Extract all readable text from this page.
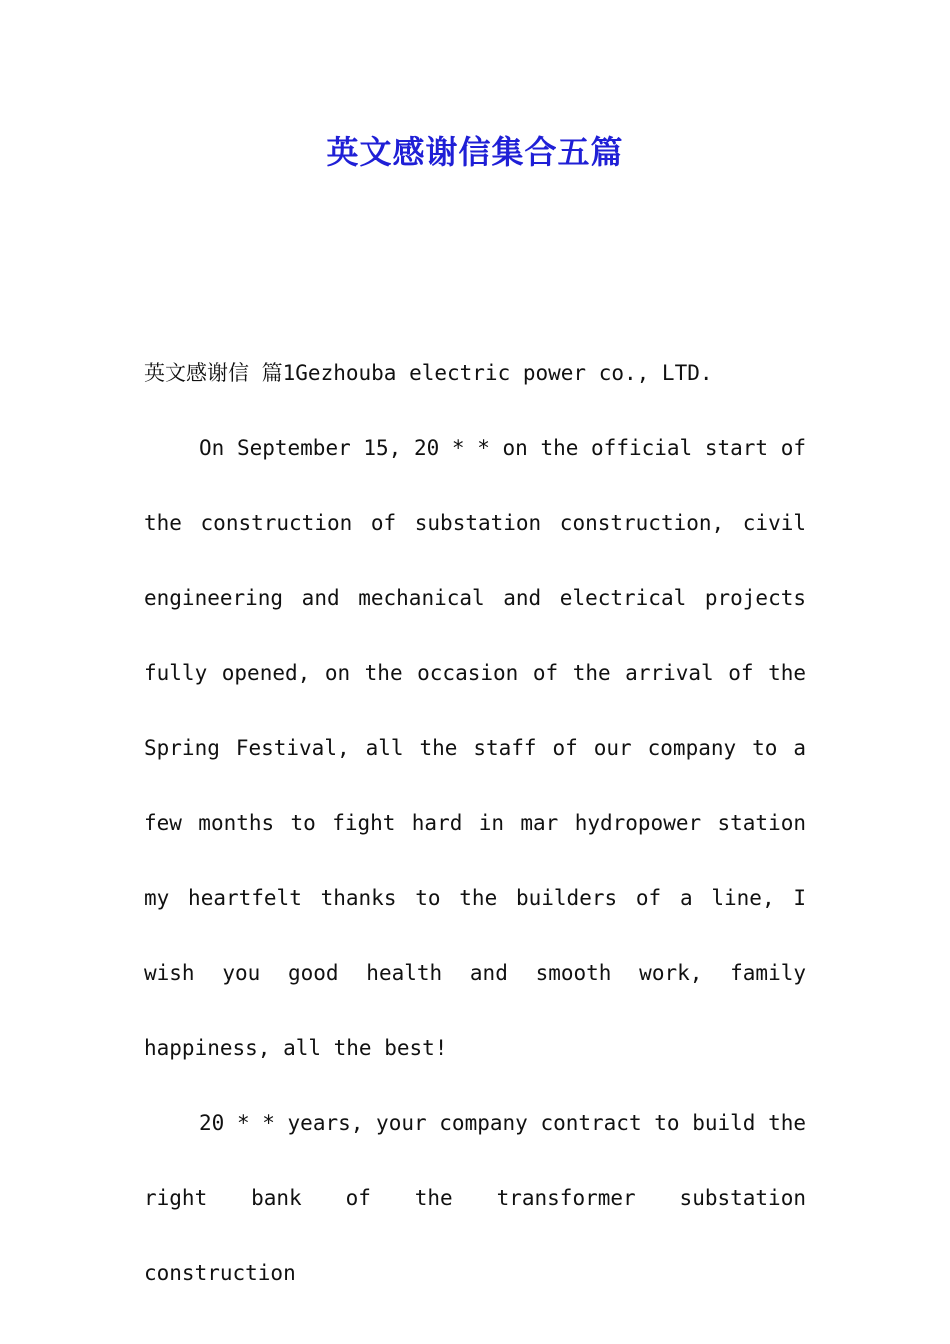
英文感谢信集合五篇

英文感谢信 篇1Gezhouba electric power co., LTD.

On September 15, 20 * * on the official start of the construction of substation construction, civil engineering and mechanical and electrical projects fully opened, on the occasion of the arrival of the Spring Festival, all the staff of our company to a few months to fight hard in mar hydropower station my heartfelt thanks to the builders of a line, I wish you good health and smooth work, family happiness, all the best!

20 * * years, your company contract to build the right bank of the transformer substation construction
